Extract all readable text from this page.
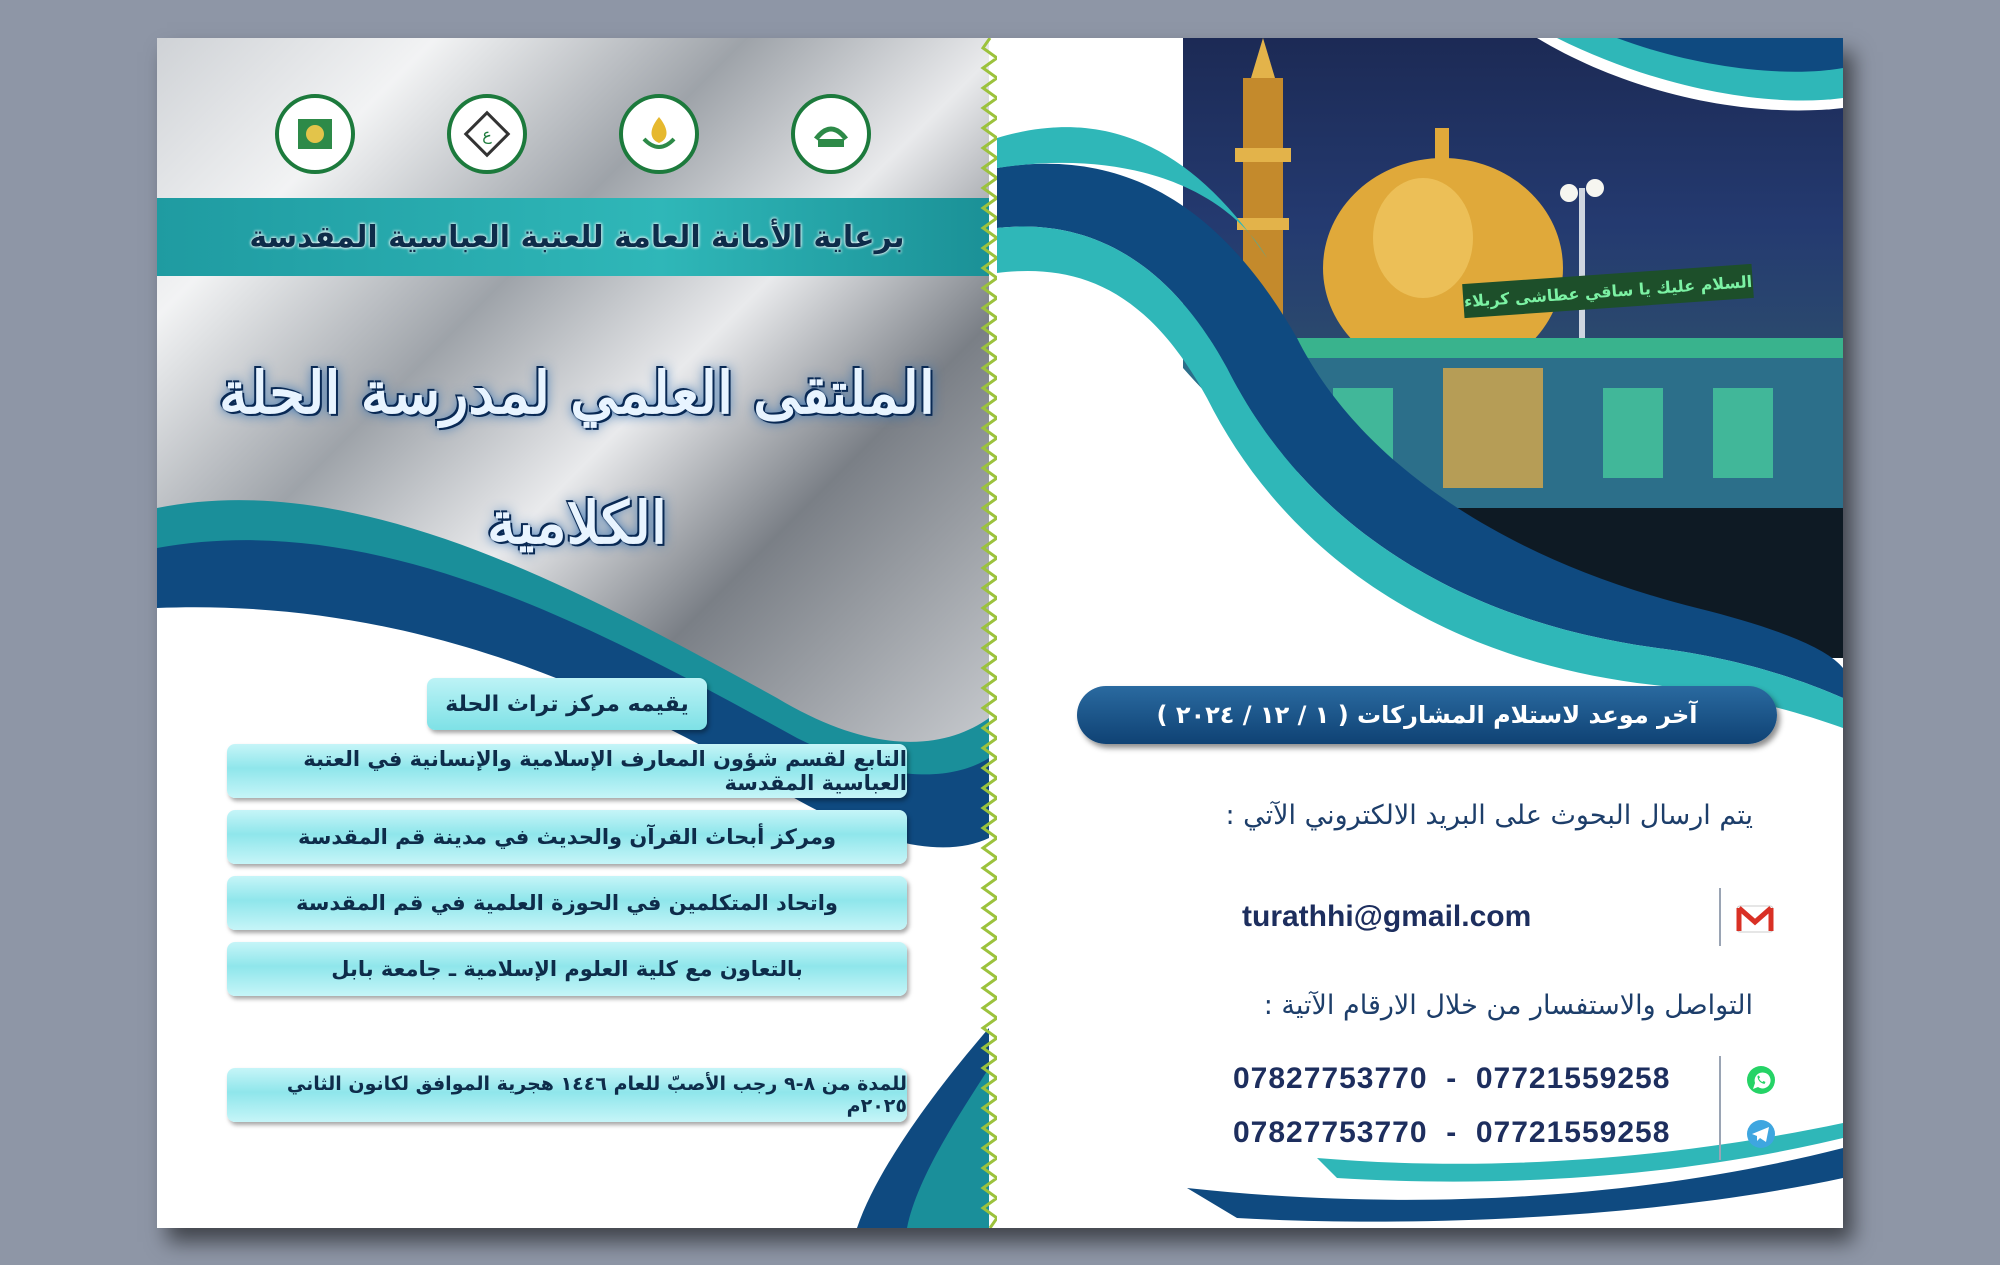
ع
برعاية الأمانة العامة للعتبة العباسية المقدسة
الملتقى العلمي لمدرسة الحلة الكلامية
يقيمه مركز تراث الحلة
التابع لقسم شؤون المعارف الإسلامية والإنسانية في العتبة العباسية المقدسة
ومركز أبحاث القرآن والحديث في مدينة قم المقدسة
واتحاد المتكلمين في الحوزة العلمية في قم المقدسة
بالتعاون مع كلية العلوم الإسلامية ـ جامعة بابل
للمدة من ٨-٩ رجب الأصبّ للعام ١٤٤٦ هجرية الموافق لكانون الثاني ٢٠٢٥م
السلام عليك يا ساقي عطاشى كربلاء
آخر موعد لاستلام المشاركات ( ١ / ١٢ / ٢٠٢٤ )
يتم ارسال البحوث على البريد الالكتروني الآتي :
turathhi@gmail.com
التواصل والاستفسار من خلال الارقام الآتية :
07827753770  -  07721559258
07827753770  -  07721559258
